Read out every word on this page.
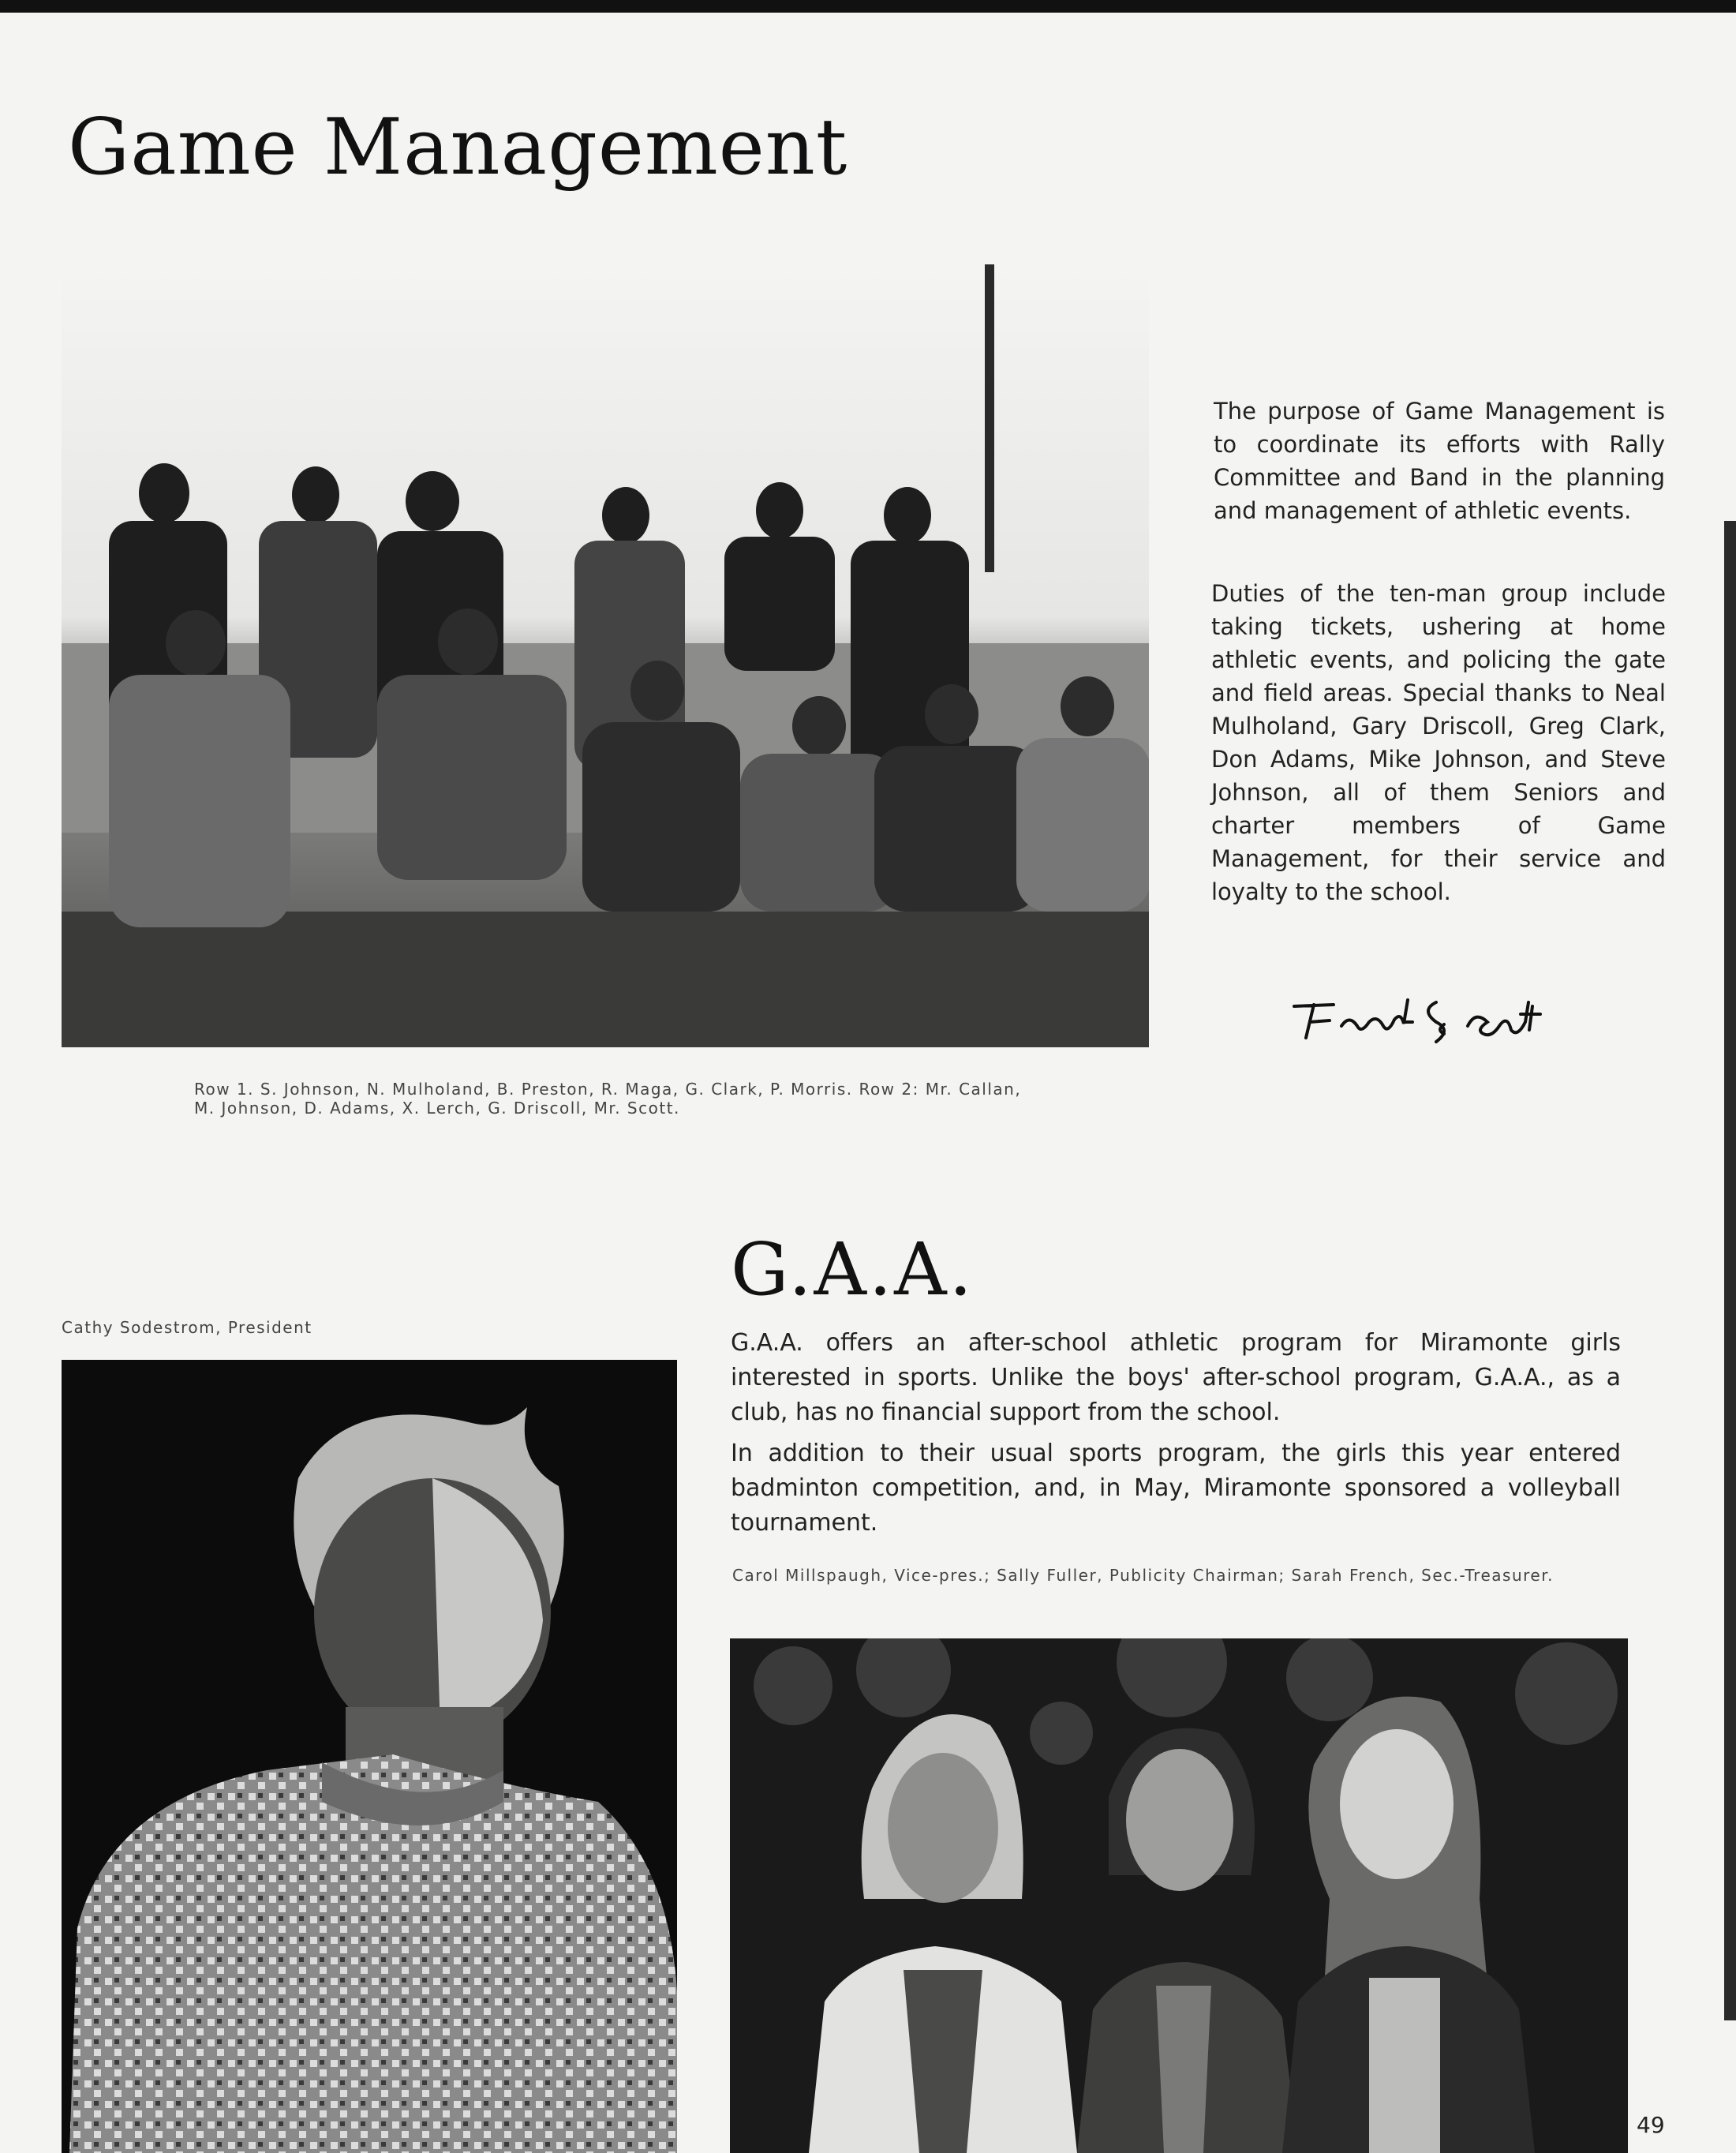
Game Management

The purpose of Game Management is to coordinate its efforts with Rally Committee and Band in the planning and management of athletic events.

Duties of the ten-man group include taking tickets, ushering at home athletic events, and policing the gate and field areas. Special thanks to Neal Mulholand, Gary Driscoll, Greg Clark, Don Adams, Mike Johnson, and Steve Johnson, all of them Seniors and charter members of Game Management, for their service and loyalty to the school.

Row 1. S. Johnson, N. Mulholand, B. Preston, R. Maga, G. Clark, P. Morris. Row 2: Mr. Callan, M. Johnson, D. Adams, X. Lerch, G. Driscoll, Mr. Scott.

G.A.A.

Cathy Sodestrom, President

G.A.A. offers an after-school athletic program for Miramonte girls interested in sports. Unlike the boys' after-school program, G.A.A., as a club, has no financial support from the school.

In addition to their usual sports program, the girls this year entered badminton competition, and, in May, Miramonte sponsored a volleyball tournament.

Carol Millspaugh, Vice-pres.; Sally Fuller, Publicity Chairman; Sarah French, Sec.-Treasurer.

49
